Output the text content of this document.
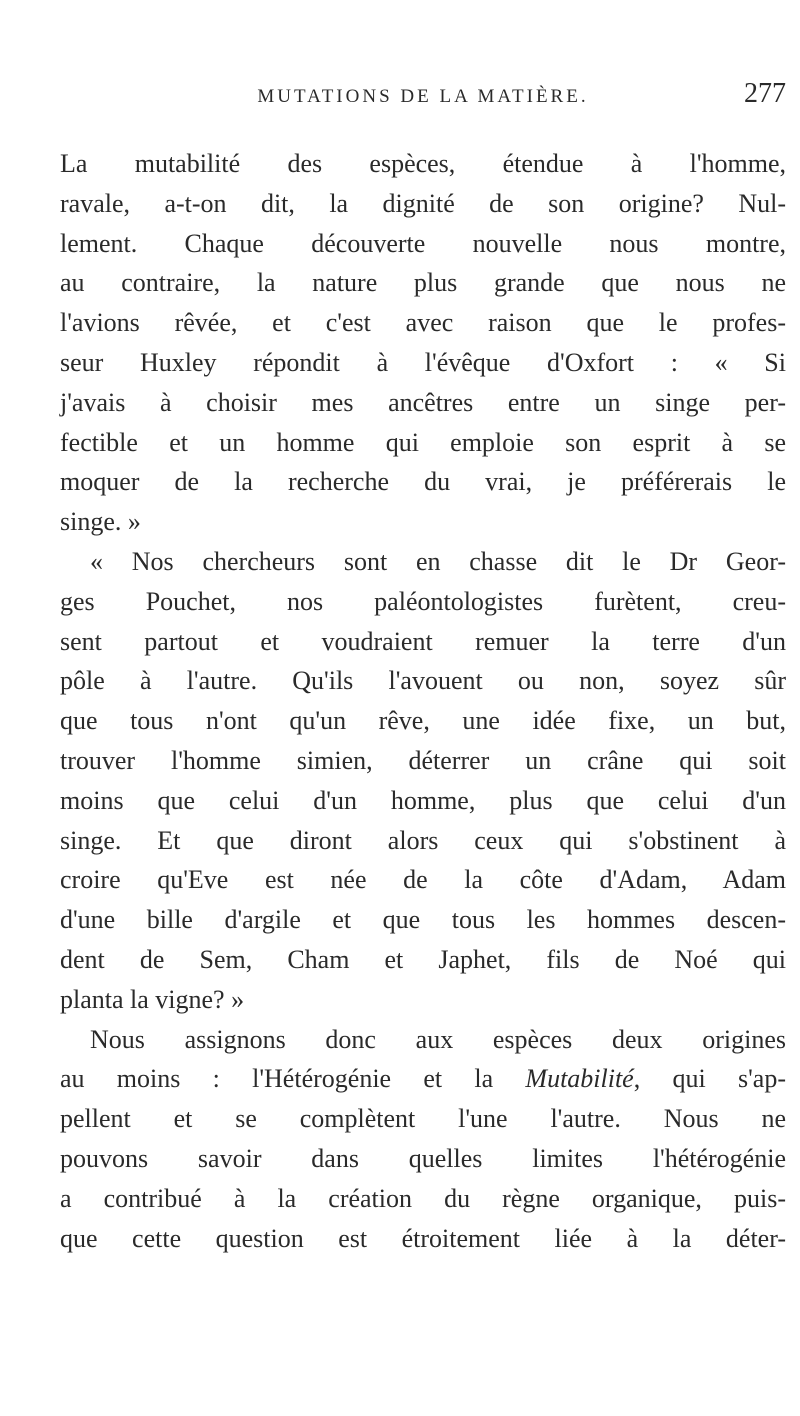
MUTATIONS DE LA MATIÈRE.	277
La mutabilité des espèces, étendue à l'homme,
ravale, a-t-on dit, la dignité de son origine? Nul-
lement. Chaque découverte nouvelle nous montre,
au contraire, la nature plus grande que nous ne
l'avions rêvée, et c'est avec raison que le profes-
seur Huxley répondit à l'évêque d'Oxfort : « Si
j'avais à choisir mes ancêtres entre un singe per-
fectible et un homme qui emploie son esprit à se
moquer de la recherche du vrai, je préférerais le
singe. »
« Nos chercheurs sont en chasse dit le Dr Geor-
ges Pouchet, nos paléontologistes furètent, creu-
sent partout et voudraient remuer la terre d'un
pôle à l'autre. Qu'ils l'avouent ou non, soyez sûr
que tous n'ont qu'un rêve, une idée fixe, un but,
trouver l'homme simien, déterrer un crâne qui soit
moins que celui d'un homme, plus que celui d'un
singe. Et que diront alors ceux qui s'obstinent à
croire qu'Eve est née de la côte d'Adam, Adam
d'une bille d'argile et que tous les hommes descen-
dent de Sem, Cham et Japhet, fils de Noé qui
planta la vigne? »
Nous assignons donc aux espèces deux origines
au moins : l'Hétérogénie et la Mutabilité, qui s'ap-
pellent et se complètent l'une l'autre. Nous ne
pouvons savoir dans quelles limites l'hétérogénie
a contribué à la création du règne organique, puis-
que cette question est étroitement liée à la déter-
